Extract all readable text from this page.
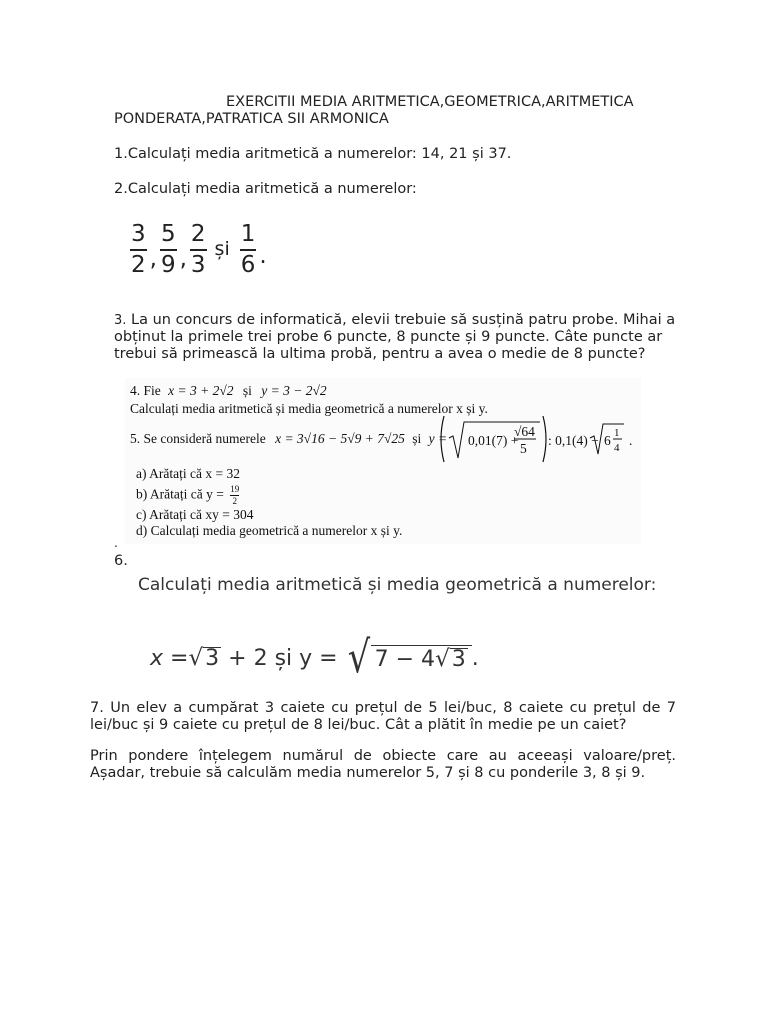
EXERCITII MEDIA ARITMETICA,GEOMETRICA,ARITMETICA
PONDERATA,PATRATICA SII ARMONICA
1.Calculați media aritmetică a numerelor: 14, 21 și 37.
2.Calculați media aritmetică a numerelor:
$\frac{3}{2}$ , $\frac{5}{9}$ , $\frac{2}{3}$ și $\frac{1}{6}$ .
3. La un concurs de informatică, elevii trebuie să susțină patru probe. Mihai a
obținut la primele trei probe 6 puncte, 8 puncte și 9 puncte. Câte puncte ar
trebui să primească la ultima probă, pentru a avea o medie de 8 puncte?
4. Fie x = 3 + 2√2 și y = 3 − 2√2
Calculați media aritmetică și media geometrică a numerelor x și y.
5. Se consideră numerele x = 3√16 − 5√9 + 7√25 și y = 0,01(7) +
√64
5
: 0,1(4) − 6 1
4 .
a) Arătați că x = 32
b) Arătați că $y = \frac{19}{2}$
c) Arătați că xy = 304
d) Calculați media geometrică a numerelor x și y.
.
6.
Calculați media aritmetică și media geometrică a numerelor:
x = √ 3 + 2 și y = √ 7 − 4√3 .
7. Un elev a cumpărat 3 caiete cu prețul de 5 lei/buc, 8 caiete cu prețul de 7 lei/buc și 9 caiete cu prețul de 8 lei/buc. Cât a plătit în medie pe un caiet?
Prin pondere înțelegem numărul de obiecte care au aceeași valoare/preț. Așadar, trebuie să calculăm media numerelor 5, 7 și 8 cu ponderile 3, 8 și 9.
